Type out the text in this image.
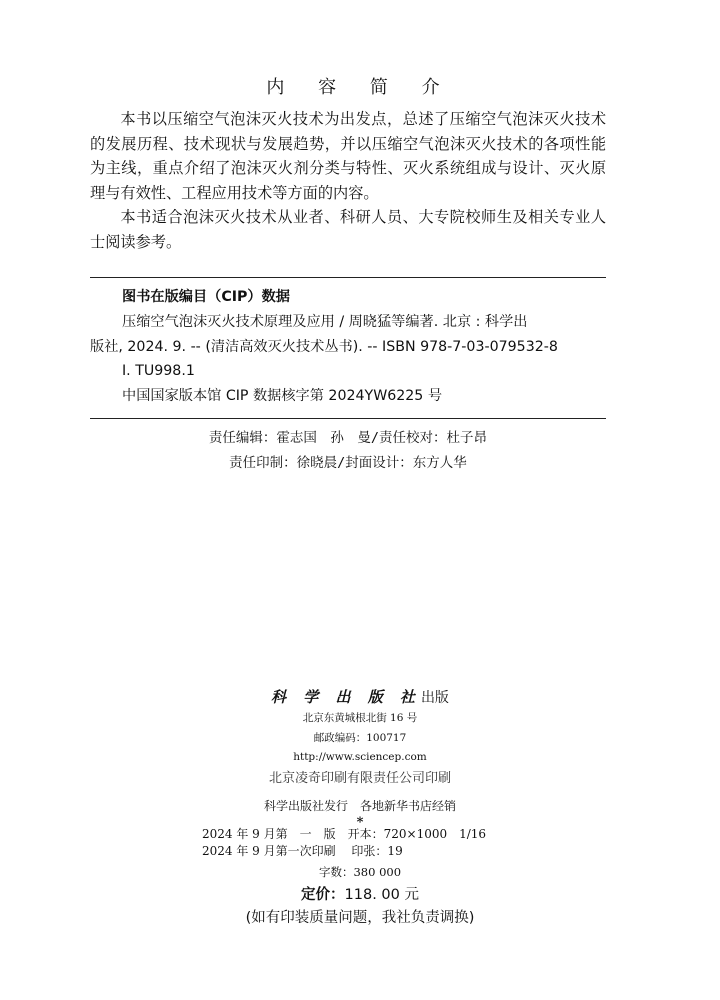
内 容 简 介

本书以压缩空气泡沫灭火技术为出发点，总述了压缩空气泡沫灭火技术的发展历程、技术现状与发展趋势，并以压缩空气泡沫灭火技术的各项性能为主线，重点介绍了泡沫灭火剂分类与特性、灭火系统组成与设计、灭火原理与有效性、工程应用技术等方面的内容。

本书适合泡沫灭火技术从业者、科研人员、大专院校师生及相关专业人士阅读参考。

图书在版编目（CIP）数据
压缩空气泡沫灭火技术原理及应用 / 周晓猛等编著. 北京 : 科学出
版社, 2024. 9. -- (清洁高效灭火技术丛书). -- ISBN 978-7-03-079532-8
Ⅰ. TU998.1
中国国家版本馆 CIP 数据核字第 2024YW6225 号
责任编辑：霍志国　孙　曼/责任校对：杜子昂
责任印制：徐晓晨/封面设计：东方人华
科 学 出 版 社出版
北京东黄城根北街 16 号
邮政编码：100717
http://www.sciencep.com
北京凌奇印刷有限责任公司印刷
科学出版社发行　各地新华书店经销
*
2024 年 9 月第　一　版　开本：720×1000　1/16
2024 年 9 月第一次印刷　 印张：19
字数：380 000
定价：118. 00 元
(如有印装质量问题，我社负责调换)
